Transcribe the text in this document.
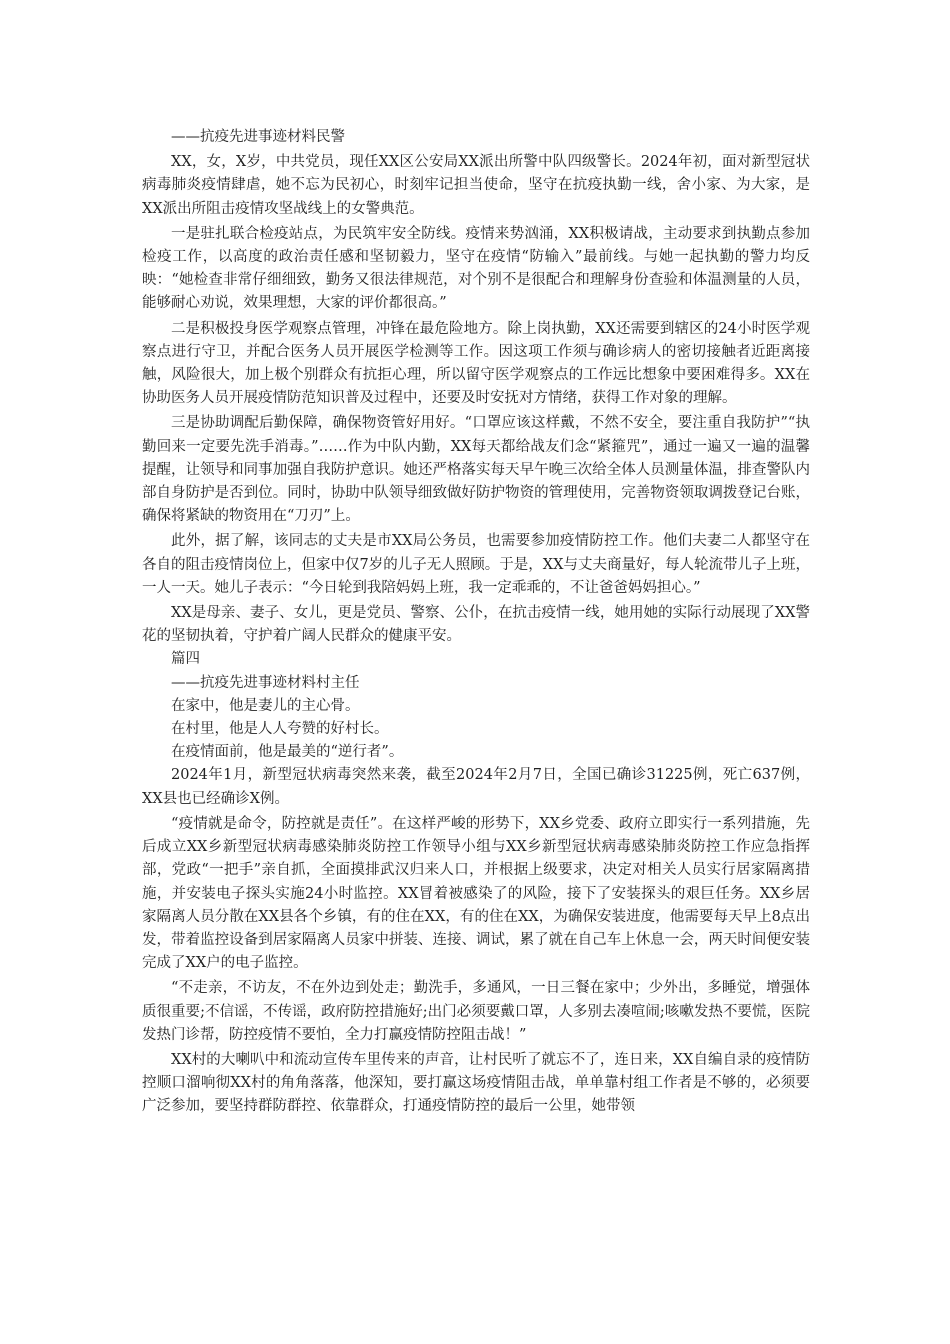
——抗疫先进事迹材料民警

XX，女，X岁，中共党员，现任XX区公安局XX派出所警中队四级警长。2024年初，面对新型冠状病毒肺炎疫情肆虐，她不忘为民初心，时刻牢记担当使命，坚守在抗疫执勤一线，舍小家、为大家，是XX派出所阻击疫情攻坚战线上的女警典范。

一是驻扎联合检疫站点，为民筑牢安全防线。疫情来势汹涌，XX积极请战，主动要求到执勤点参加检疫工作，以高度的政治责任感和坚韧毅力，坚守在疫情“防输入”最前线。与她一起执勤的警力均反映：“她检查非常仔细细致，勤务又很法律规范，对个别不是很配合和理解身份查验和体温测量的人员，能够耐心劝说，效果理想，大家的评价都很高。”

二是积极投身医学观察点管理，冲锋在最危险地方。除上岗执勤，XX还需要到辖区的24小时医学观察点进行守卫，并配合医务人员开展医学检测等工作。因这项工作须与确诊病人的密切接触者近距离接触，风险很大，加上极个别群众有抗拒心理，所以留守医学观察点的工作远比想象中要困难得多。XX在协助医务人员开展疫情防范知识普及过程中，还要及时安抚对方情绪，获得工作对象的理解。

三是协助调配后勤保障，确保物资管好用好。“口罩应该这样戴，不然不安全，要注重自我防护”“执勤回来一定要先洗手消毒。”……作为中队内勤，XX每天都给战友们念“紧箍咒”，通过一遍又一遍的温馨提醒，让领导和同事加强自我防护意识。她还严格落实每天早午晚三次给全体人员测量体温，排查警队内部自身防护是否到位。同时，协助中队领导细致做好防护物资的管理使用，完善物资领取调拨登记台账，确保将紧缺的物资用在“刀刃”上。

此外，据了解，该同志的丈夫是市XX局公务员，也需要参加疫情防控工作。他们夫妻二人都坚守在各自的阻击疫情岗位上，但家中仅7岁的儿子无人照顾。于是，XX与丈夫商量好，每人轮流带儿子上班，一人一天。她儿子表示：“今日轮到我陪妈妈上班，我一定乖乖的，不让爸爸妈妈担心。”

XX是母亲、妻子、女儿，更是党员、警察、公仆，在抗击疫情一线，她用她的实际行动展现了XX警花的坚韧执着，守护着广阔人民群众的健康平安。

篇四

——抗疫先进事迹材料村主任

在家中，他是妻儿的主心骨。

在村里，他是人人夸赞的好村长。

在疫情面前，他是最美的“逆行者”。

2024年1月，新型冠状病毒突然来袭，截至2024年2月7日，全国已确诊31225例，死亡637例，XX县也已经确诊X例。

“疫情就是命令，防控就是责任”。在这样严峻的形势下，XX乡党委、政府立即实行一系列措施，先后成立XX乡新型冠状病毒感染肺炎防控工作领导小组与XX乡新型冠状病毒感染肺炎防控工作应急指挥部，党政“一把手”亲自抓，全面摸排武汉归来人口，并根据上级要求，决定对相关人员实行居家隔离措施，并安装电子探头实施24小时监控。XX冒着被感染了的风险，接下了安装探头的艰巨任务。XX乡居家隔离人员分散在XX县各个乡镇，有的住在XX，有的住在XX，为确保安装进度，他需要每天早上8点出发，带着监控设备到居家隔离人员家中拼装、连接、调试，累了就在自己车上休息一会，两天时间便安装完成了XX户的电子监控。

“不走亲，不访友，不在外边到处走；勤洗手，多通风，一日三餐在家中；少外出，多睡觉，增强体质很重要;不信谣，不传谣，政府防控措施好;出门必须要戴口罩，人多别去凑喧闹;咳嗽发热不要慌，医院发热门诊帮，防控疫情不要怕，全力打赢疫情防控阻击战！”

XX村的大喇叭中和流动宣传车里传来的声音，让村民听了就忘不了，连日来，XX自编自录的疫情防控顺口溜响彻XX村的角角落落，他深知，要打赢这场疫情阻击战，单单靠村组工作者是不够的，必须要广泛参加，要坚持群防群控、依靠群众，打通疫情防控的最后一公里，她带领
